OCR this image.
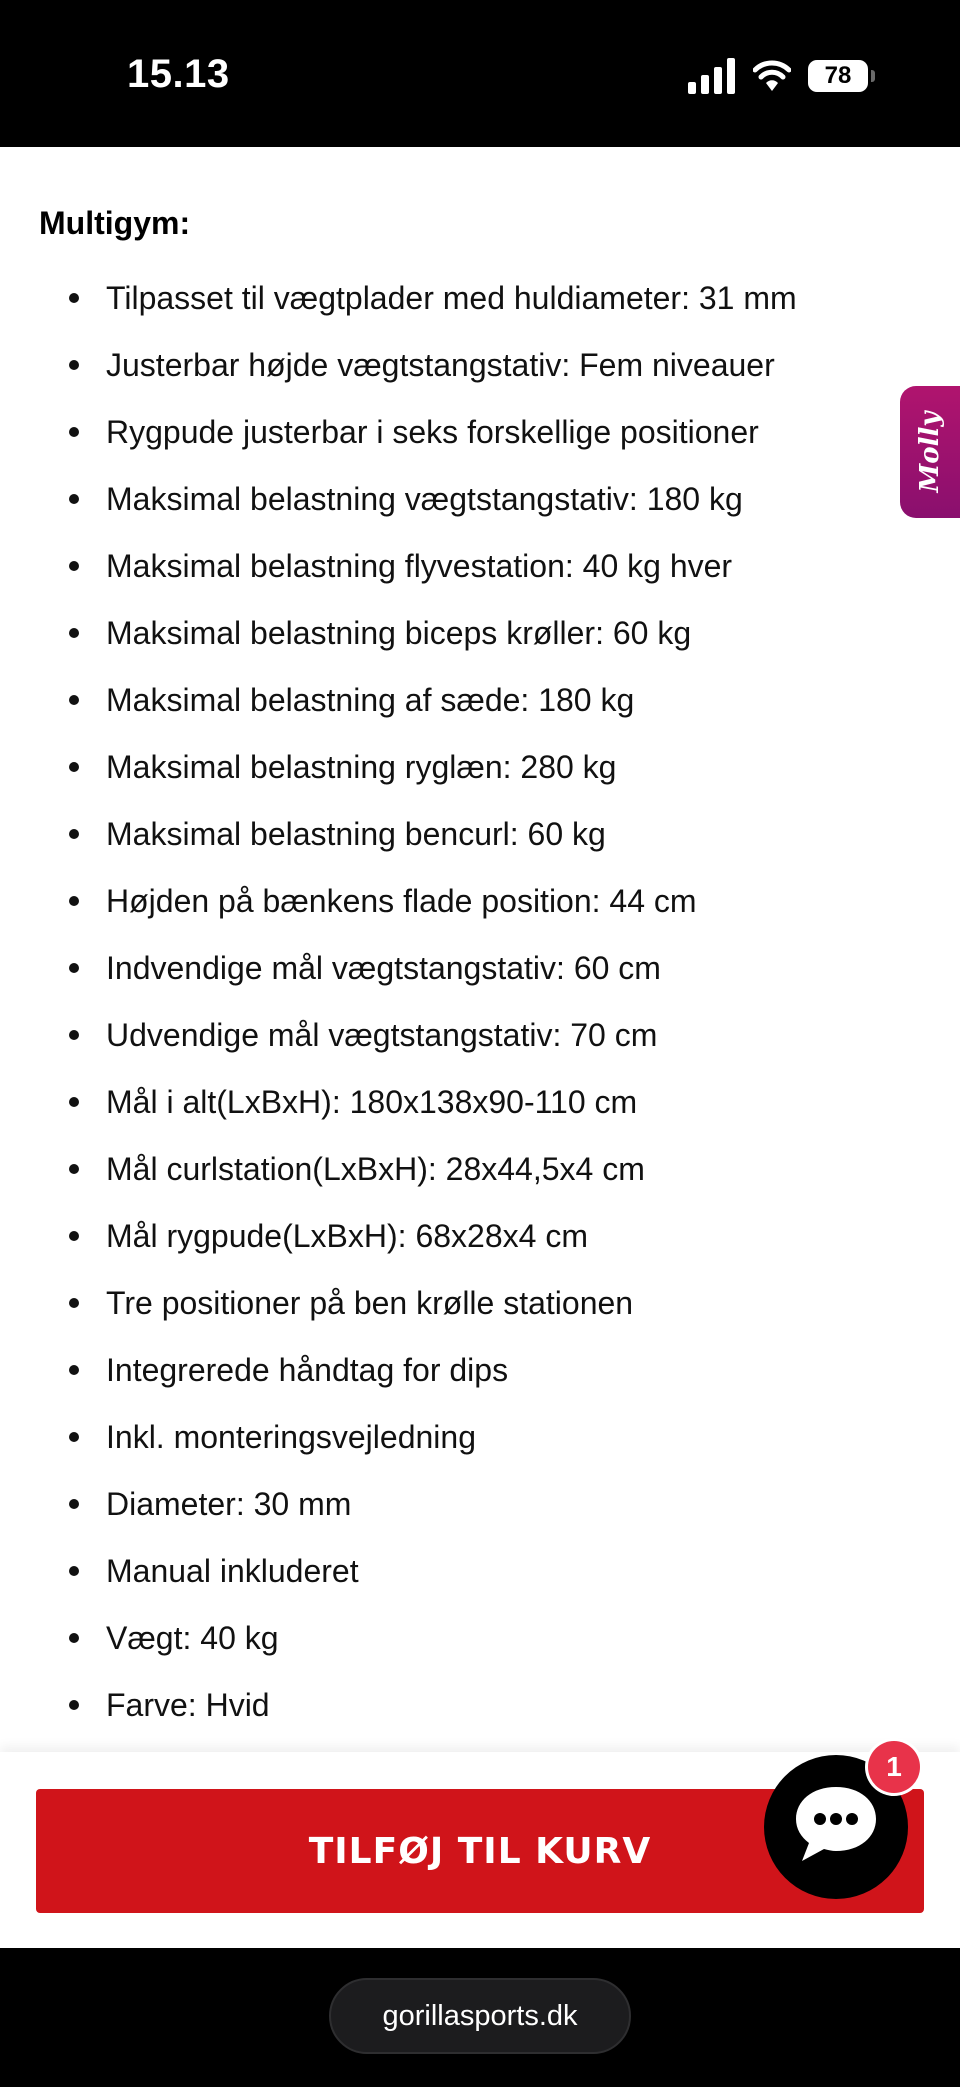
15.13	78
Multigym:
Tilpasset til vægtplader med huldiameter: 31 mm
Justerbar højde vægtstangstativ: Fem niveauer
Rygpude justerbar i seks forskellige positioner
Maksimal belastning vægtstangstativ: 180 kg
Maksimal belastning flyvestation: 40 kg hver
Maksimal belastning biceps krøller: 60 kg
Maksimal belastning af sæde: 180 kg
Maksimal belastning ryglæn: 280 kg
Maksimal belastning bencurl: 60 kg
Højden på bænkens flade position: 44 cm
Indvendige mål vægtstangstativ: 60 cm
Udvendige mål vægtstangstativ: 70 cm
Mål i alt(LxBxH): 180x138x90-110 cm
Mål curlstation(LxBxH): 28x44,5x4 cm
Mål rygpude(LxBxH): 68x28x4 cm
Tre positioner på ben krølle stationen
Integrerede håndtag for dips
Inkl. monteringsvejledning
Diameter: 30 mm
Manual inkluderet
Vægt: 40 kg
Farve: Hvid
Molly
TILFØJ TIL KURV
1
gorillasports.dk
